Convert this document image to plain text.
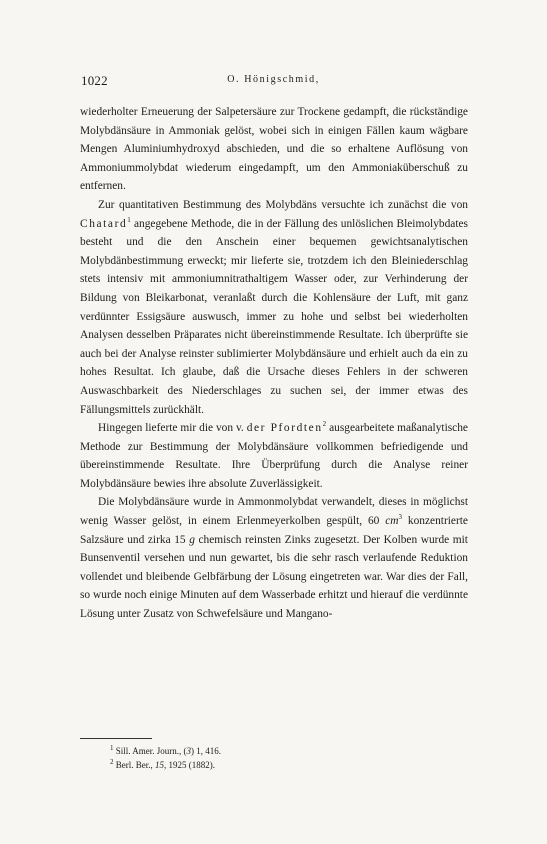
1022	O. Hönigschmid,

wiederholter Erneuerung der Salpetersäure zur Trockene gedampft, die rückständige Molybdänsäure in Ammoniak gelöst, wobei sich in einigen Fällen kaum wägbare Mengen Aluminiumhydroxyd abschieden, und die so erhaltene Auflösung von Ammoniummolybdat wiederum eingedampft, um den Ammoniaküberschuß zu entfernen.

Zur quantitativen Bestimmung des Molybdäns versuchte ich zunächst die von Chatard$^1$ angegebene Methode, die in der Fällung des unlöslichen Bleimolybdates besteht und die den Anschein einer bequemen gewichtsanalytischen Molybdänbestimmung erweckt; mir lieferte sie, trotzdem ich den Bleiniederschlag stets intensiv mit ammoniumnitrathaltigem Wasser oder, zur Verhinderung der Bildung von Bleikarbonat, veranlaßt durch die Kohlensäure der Luft, mit ganz verdünnter Essigsäure auswusch, immer zu hohe und selbst bei wiederholten Analysen desselben Präparates nicht übereinstimmende Resultate. Ich überprüfte sie auch bei der Analyse reinster sublimierter Molybdänsäure und erhielt auch da ein zu hohes Resultat. Ich glaube, daß die Ursache dieses Fehlers in der schweren Auswaschbarkeit des Niederschlages zu suchen sei, der immer etwas des Fällungsmittels zurückhält.

Hingegen lieferte mir die von v. der Pfordten$^2$ ausgearbeitete maßanalytische Methode zur Bestimmung der Molybdänsäure vollkommen befriedigende und übereinstimmende Resultate. Ihre Überprüfung durch die Analyse reiner Molybdänsäure bewies ihre absolute Zuverlässigkeit.

Die Molybdänsäure wurde in Ammonmolybdat verwandelt, dieses in möglichst wenig Wasser gelöst, in einem Erlenmeyerkolben gespült, 60 $cm^3$ konzentrierte Salzsäure und zirka 15 g chemisch reinsten Zinks zugesetzt. Der Kolben wurde mit Bunsenventil versehen und nun gewartet, bis die sehr rasch verlaufende Reduktion vollendet und bleibende Gelbfärbung der Lösung eingetreten war. War dies der Fall, so wurde noch einige Minuten auf dem Wasserbade erhitzt und hierauf die verdünnte Lösung unter Zusatz von Schwefelsäure und Mangano-

$^1$ Sill. Amer. Journ., (3) 1, 416.
$^2$ Berl. Ber., 15, 1925 (1882).
